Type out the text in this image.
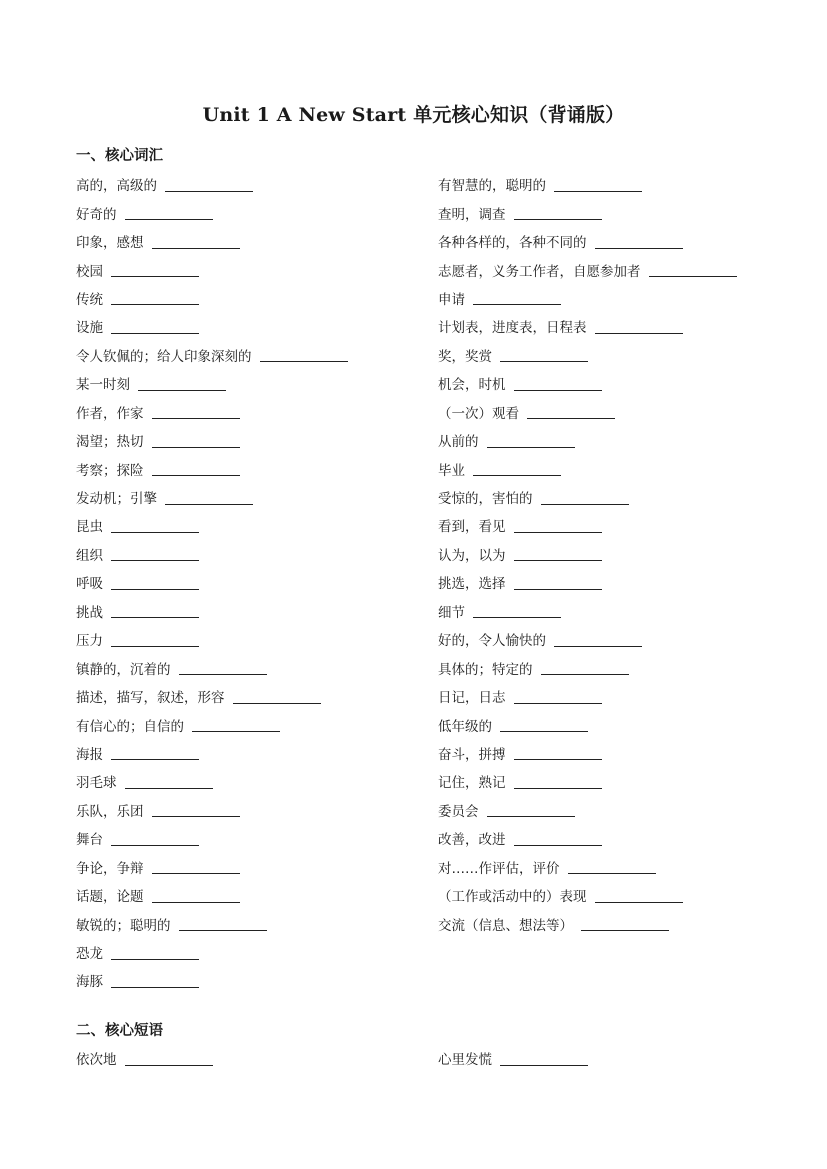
Unit 1 A New Start 单元核心知识（背诵版）
一、核心词汇
高的，高级的
好奇的
印象，感想
校园
传统
设施
令人钦佩的；给人印象深刻的
某一时刻
作者，作家
渴望；热切
考察；探险
发动机；引擎
昆虫
组织
呼吸
挑战
压力
镇静的，沉着的
描述，描写，叙述，形容
有信心的；自信的
海报
羽毛球
乐队，乐团
舞台
争论，争辩
话题，论题
敏锐的；聪明的
恐龙
海豚
有智慧的，聪明的
查明，调查
各种各样的，各种不同的
志愿者，义务工作者，自愿参加者
申请
计划表，进度表，日程表
奖，奖赏
机会，时机
（一次）观看
从前的
毕业
受惊的，害怕的
看到，看见
认为，以为
挑选，选择
细节
好的，令人愉快的
具体的；特定的
日记，日志
低年级的
奋斗，拼搏
记住，熟记
委员会
改善，改进
对……作评估，评价
（工作或活动中的）表现
交流（信息、想法等）
二、核心短语
依次地	心里发慌
